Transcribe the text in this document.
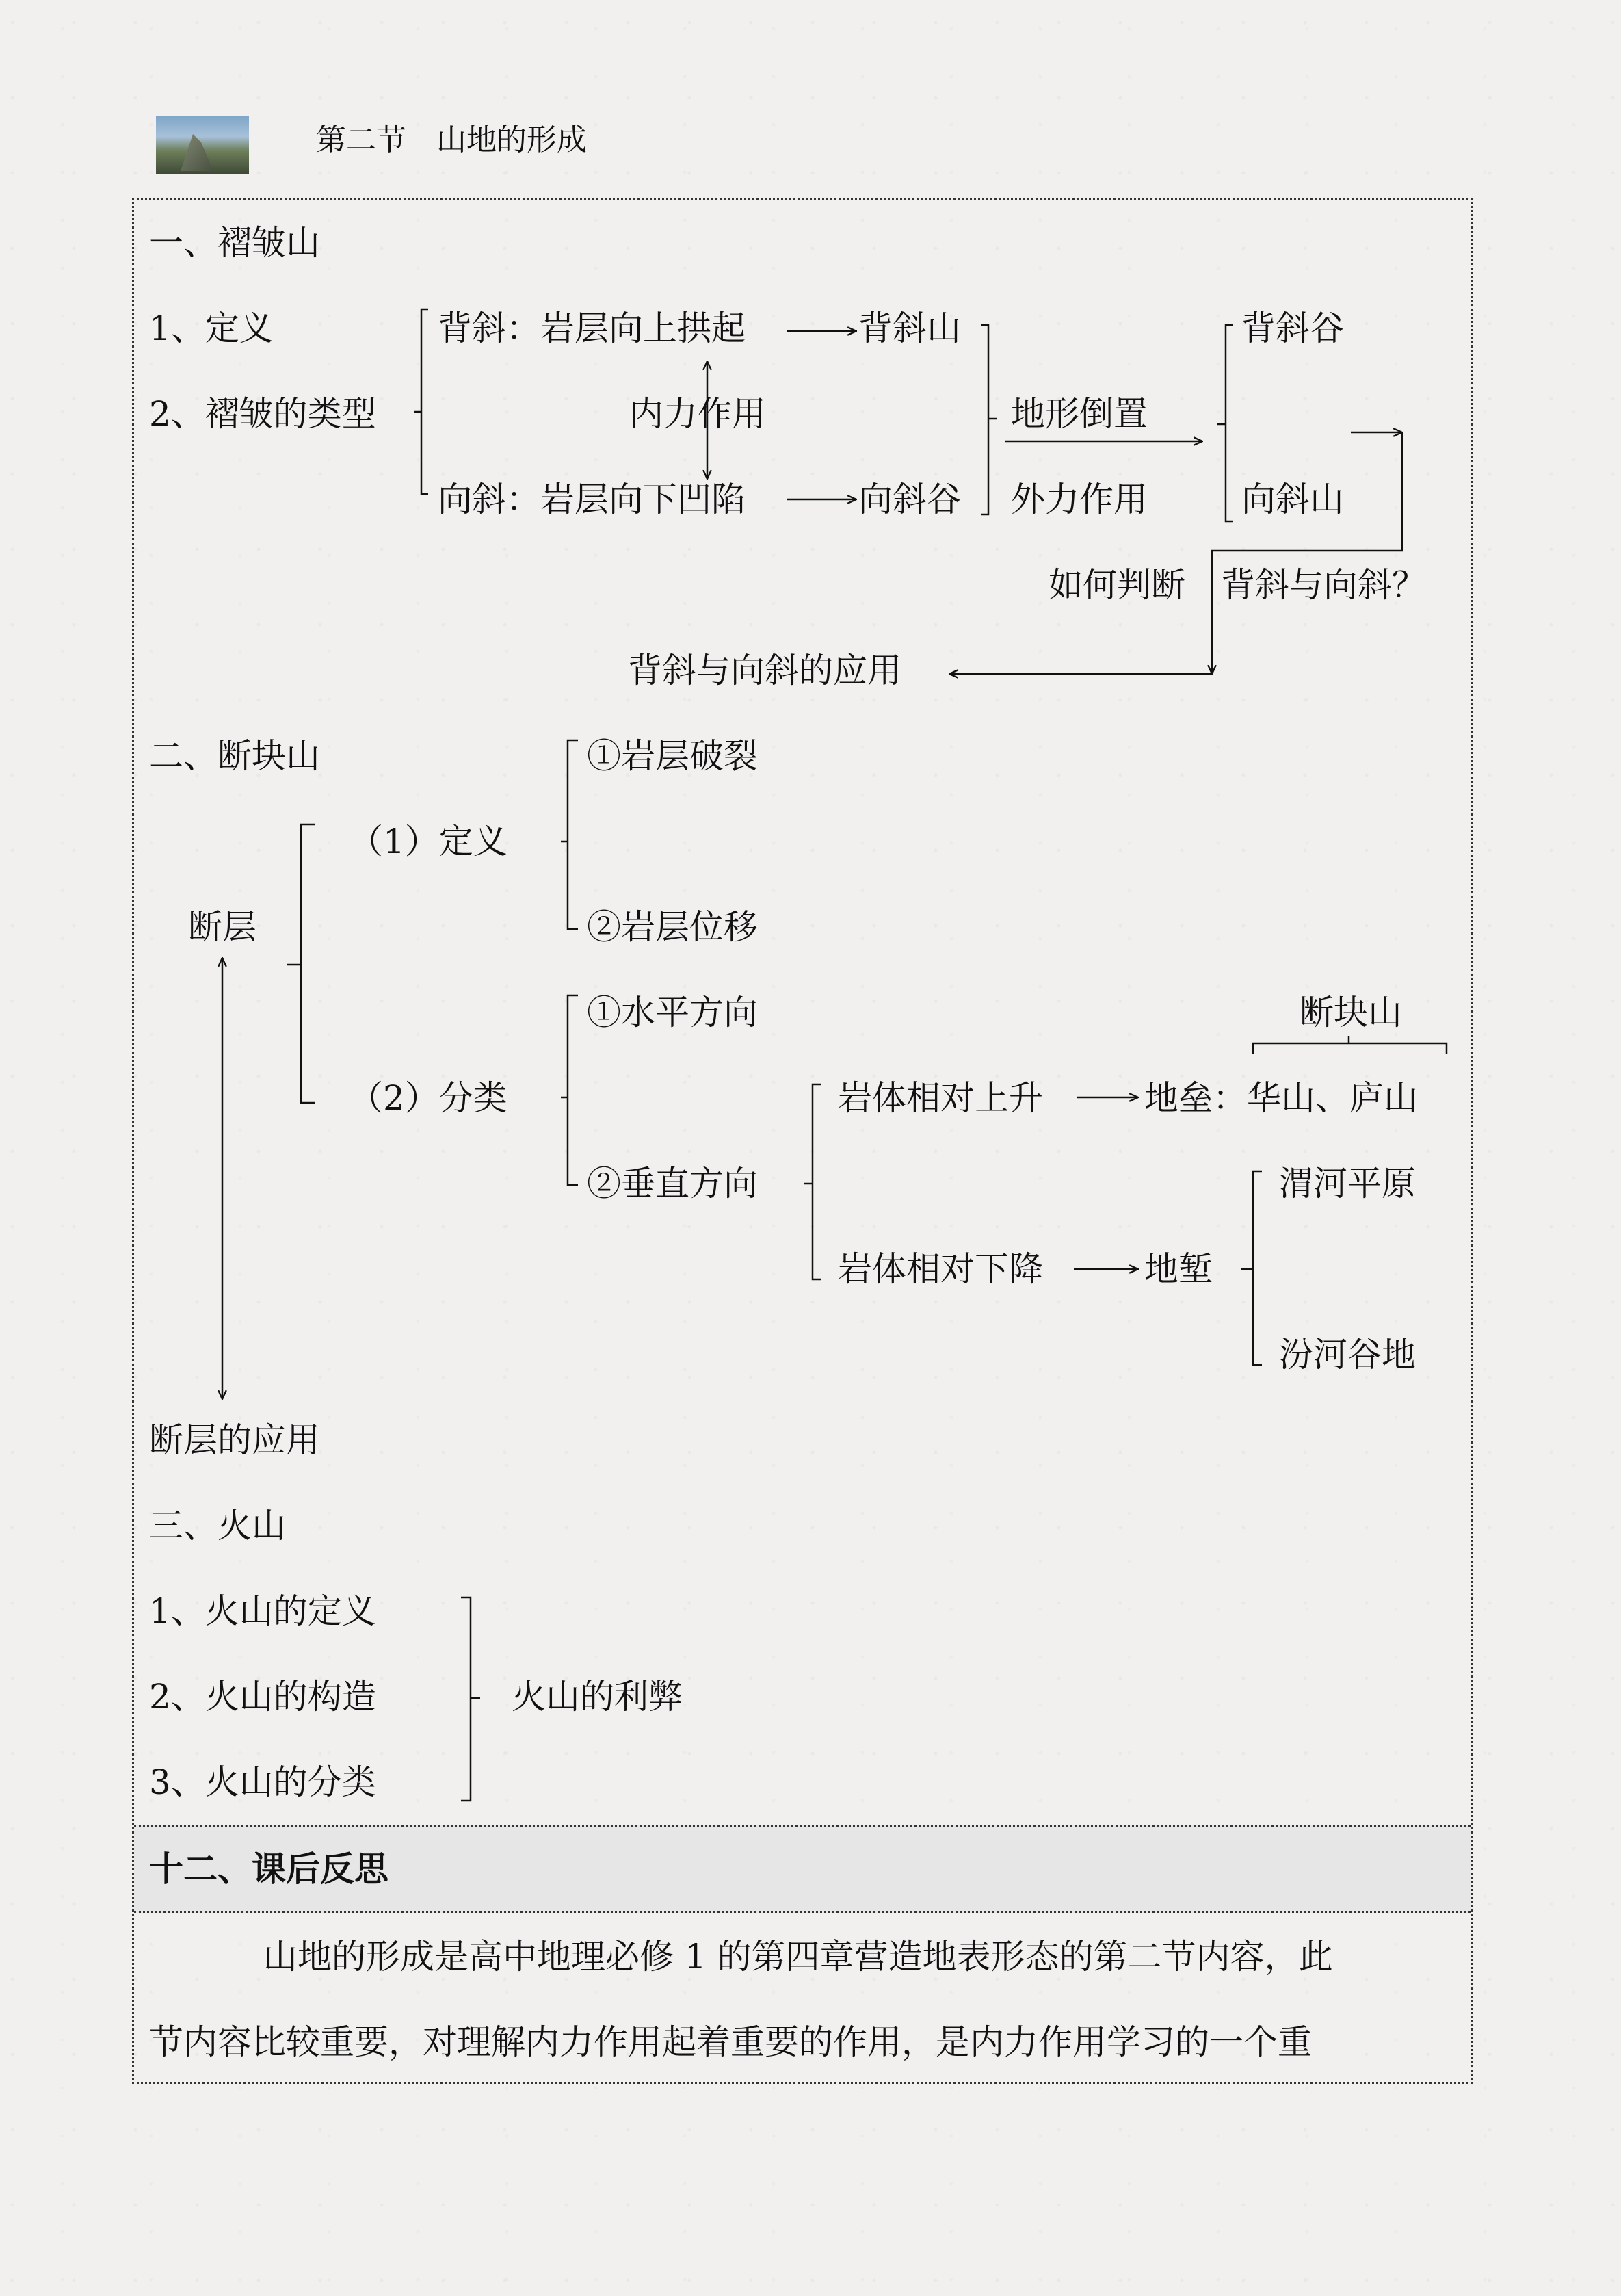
第二节　山地的形成
一、褶皱山
1、定义
2、褶皱的类型
背斜：岩层向上拱起
向斜：岩层向下凹陷
内力作用
背斜山
向斜谷
地形倒置
外力作用
背斜谷
向斜山
如何判断 背斜与向斜？
背斜与向斜的应用
二、断块山
断层
（1）定义
①岩层破裂
②岩层位移
（2）分类
①水平方向
②垂直方向
岩体相对上升	地垒：华山、庐山
断块山
岩体相对下降	地堑
渭河平原
汾河谷地
断层的应用
三、火山
1、火山的定义
2、火山的构造
3、火山的分类
火山的利弊
十二、课后反思
山地的形成是高中地理必修 1 的第四章营造地表形态的第二节内容，此
节内容比较重要，对理解内力作用起着重要的作用，是内力作用学习的一个重
